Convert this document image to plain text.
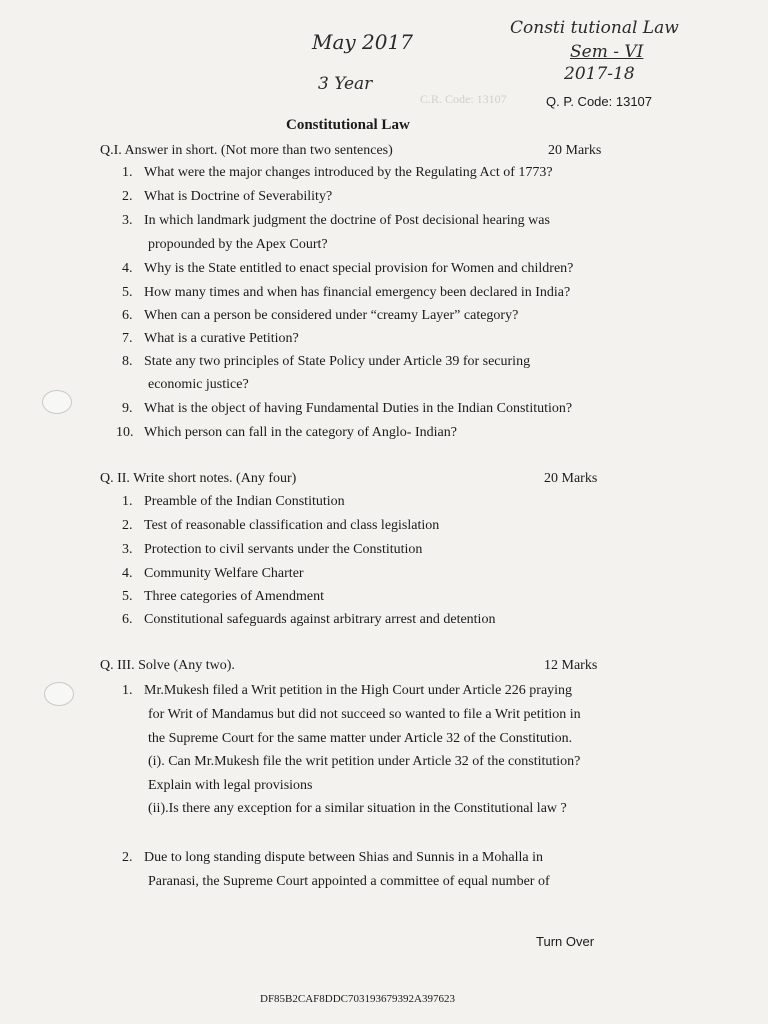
C.R. Code: 13107
May 2017
3 Year
Consti tutional Law
Sem - VI
2017-18
Q. P. Code: 13107
Constitutional Law
Q.I. Answer in short. (Not more than two sentences)	20 Marks
1. What were the major changes introduced by the Regulating Act of 1773?
2. What is Doctrine of Severability?
3. In which landmark judgment the doctrine of Post decisional hearing was
propounded by the Apex Court?
4. Why is the State entitled to enact special provision for Women and children?
5. How many times and when has financial emergency been declared in India?
6. When can a person be considered under “creamy Layer” category?
7. What is a curative Petition?
8. State any two principles of State Policy under Article 39 for securing
economic justice?
9. What is the object of having Fundamental Duties in the Indian Constitution?
10. Which person can fall in the category of Anglo- Indian?
Q. II. Write short notes. (Any four)	20 Marks
1. Preamble of the Indian Constitution
2. Test of reasonable classification and class legislation
3. Protection to civil servants under the Constitution
4. Community Welfare Charter
5. Three categories of Amendment
6. Constitutional safeguards against arbitrary arrest and detention
Q. III. Solve (Any two).	12 Marks
1. Mr.Mukesh filed a Writ petition in the High Court under Article 226 praying
for Writ of Mandamus but did not succeed so wanted to file a Writ petition in
the Supreme Court for the same matter under Article 32 of the Constitution.
(i). Can Mr.Mukesh file the writ petition under Article 32 of the constitution?
Explain with legal provisions
(ii).Is there any exception for a similar situation in the Constitutional law ?
2. Due to long standing dispute between Shias and Sunnis in a Mohalla in
Paranasi, the Supreme Court appointed a committee of equal number of
Turn Over
DF85B2CAF8DDC703193679392A397623
